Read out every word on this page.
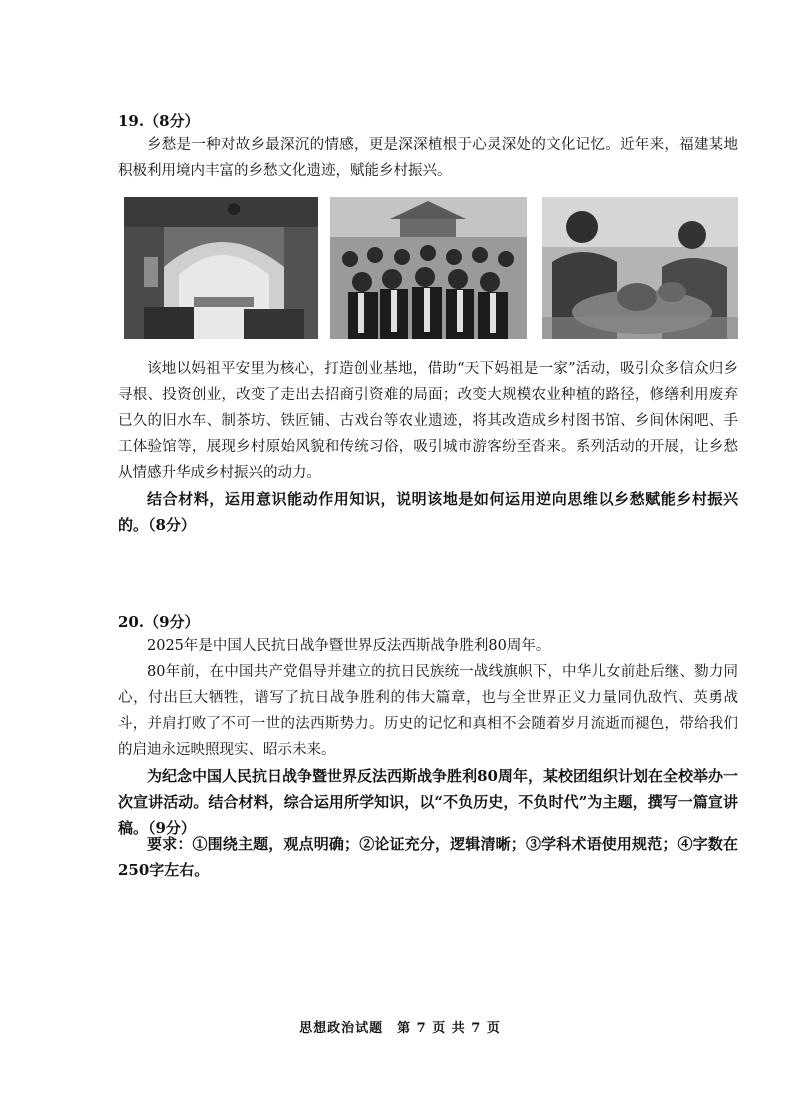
19.（8分）

乡愁是一种对故乡最深沉的情感，更是深深植根于心灵深处的文化记忆。近年来，福建某地积极利用境内丰富的乡愁文化遗迹，赋能乡村振兴。

该地以妈祖平安里为核心，打造创业基地，借助“天下妈祖是一家”活动，吸引众多信众归乡寻根、投资创业，改变了走出去招商引资难的局面；改变大规模农业种植的路径，修缮利用废弃已久的旧水车、制茶坊、铁匠铺、古戏台等农业遗迹，将其改造成乡村图书馆、乡间休闲吧、手工体验馆等，展现乡村原始风貌和传统习俗，吸引城市游客纷至沓来。系列活动的开展，让乡愁从情感升华成乡村振兴的动力。

结合材料，运用意识能动作用知识，说明该地是如何运用逆向思维以乡愁赋能乡村振兴的。（8分）

20.（9分）

2025年是中国人民抗日战争暨世界反法西斯战争胜利80周年。

80年前，在中国共产党倡导并建立的抗日民族统一战线旗帜下，中华儿女前赴后继、勠力同心，付出巨大牺牲，谱写了抗日战争胜利的伟大篇章，也与全世界正义力量同仇敌忾、英勇战斗，并肩打败了不可一世的法西斯势力。历史的记忆和真相不会随着岁月流逝而褪色，带给我们的启迪永远映照现实、昭示未来。

为纪念中国人民抗日战争暨世界反法西斯战争胜利80周年，某校团组织计划在全校举办一次宣讲活动。结合材料，综合运用所学知识，以“不负历史，不负时代”为主题，撰写一篇宣讲稿。（9分）

要求：①围绕主题，观点明确；②论证充分，逻辑清晰；③学科术语使用规范；④字数在250字左右。

思想政治试题　第 7 页 共 7 页
